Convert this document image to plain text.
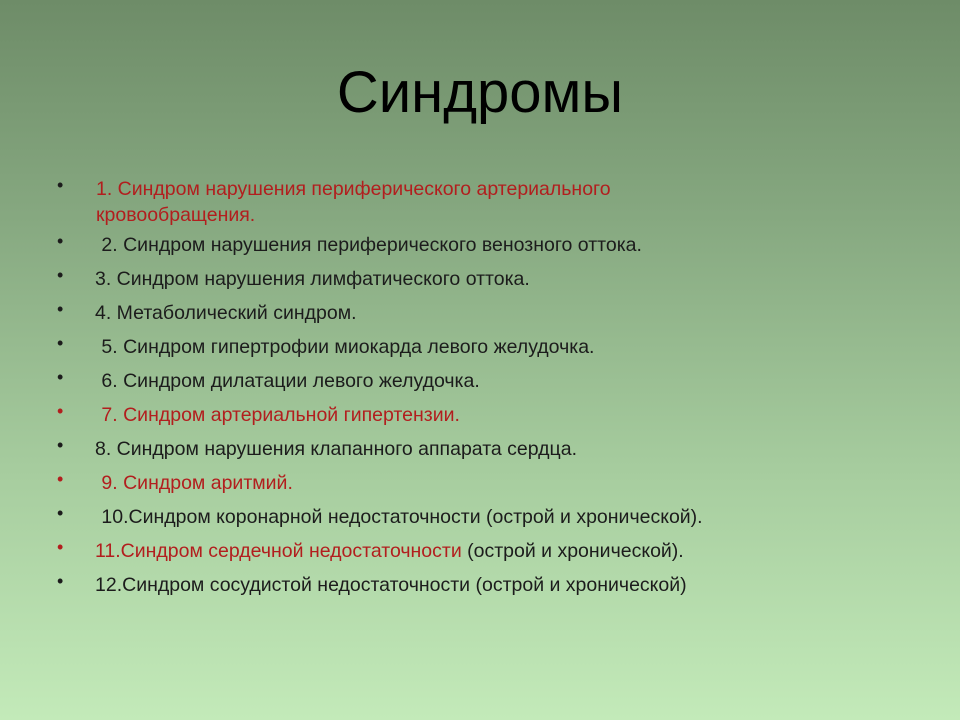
Синдромы
•	1. Синдром нарушения периферического артериального кровообращения.
•	2. Синдром нарушения периферического венозного оттока.
•	3. Синдром нарушения лимфатического оттока.
•	4. Метаболический синдром.
•	5. Синдром гипертрофии миокарда левого желудочка.
•	6. Синдром дилатации левого желудочка.
•	7. Синдром артериальной гипертензии.
•	8. Синдром нарушения клапанного аппарата сердца.
•	9. Синдром аритмий.
•	10.Синдром коронарной недостаточности (острой и хронической).
•	11.Синдром сердечной недостаточности (острой и хронической).
•	12.Синдром сосудистой недостаточности (острой и хронической)
